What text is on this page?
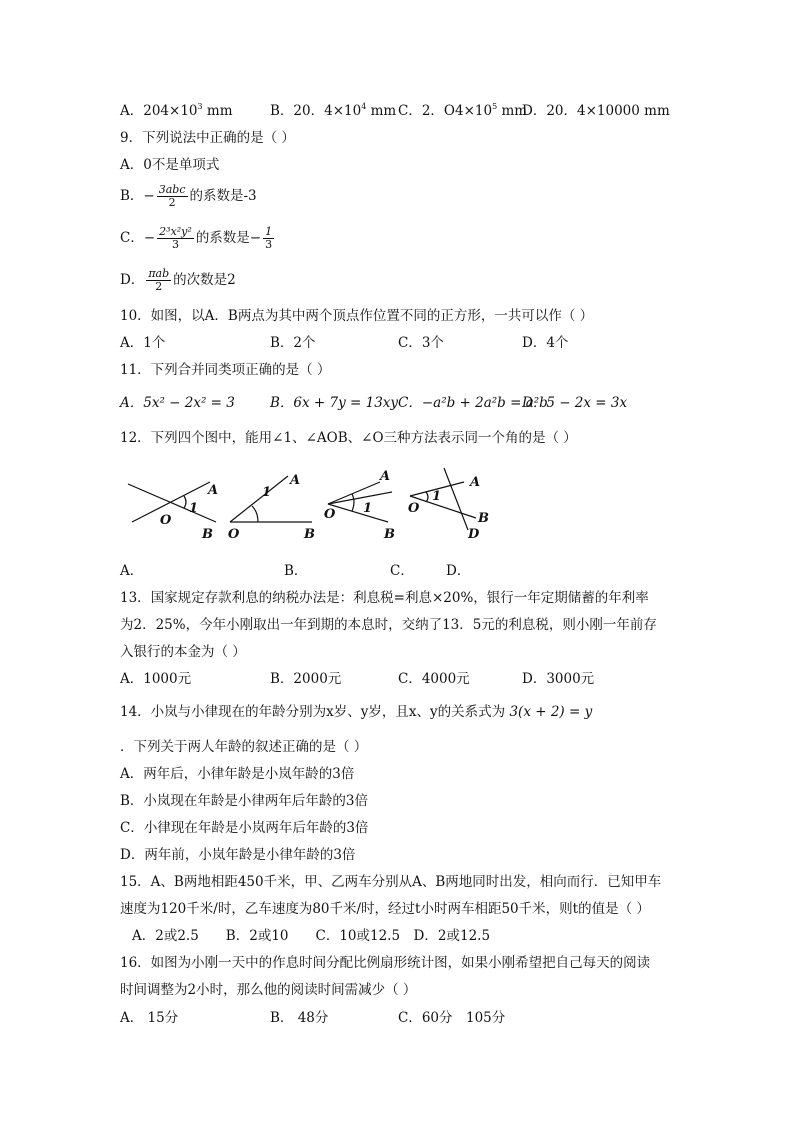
A．$204\times 10^3$ mm	B．20．$4\times 10^4$ mm C．2．$O4\times 10^5$ mm
D．20．4×10000 mm
9．下列说法中正确的是（ ）
A．0不是单项式
B．− $\frac{\text{3abc}}{2}$ 的系数是-3
C．− $\frac{\text{2³x²y²}}{3}$ 的系数是− $\frac{1}{3}$
D． $\frac{\text{πab}}{2}$ 的次数是2
10．如图，以A．B两点为其中两个顶点作位置不同的正方形，一共可以作（ ）
A．1个	B．2个	C．3个	D．4个
11．下列合并同类项正确的是（ ）
A．5x² − 2x² = 3	B．6x + 7y = 13xy C．−a²b + 2a²b = a²b
D．5 − 2x = 3x
12．下列四个图中，能用∠1、∠AOB、∠O三种方法表示同一个角的是（ ）
A
1
O
B
1
A
O	B
A
1
O
B
1
A
O
B
D
A．	B．	C． D．
13．国家规定存款利息的纳税办法是：利息税=利息×20%，银行一年定期储蓄的年利率
为2．25%，今年小刚取出一年到期的本息时，交纳了13．5元的利息税，则小刚一年前存
入银行的本金为（ ）
A．1000元	B．2000元	C．4000元	D．3000元
14．小岚与小律现在的年龄分别为x岁、y岁，且x、y的关系式为 3(x + 2) = y
．下列关于两人年龄的叙述正确的是（ ）
A．两年后，小律年龄是小岚年龄的3倍
B．小岚现在年龄是小律两年后年龄的3倍
C．小律现在年龄是小岚两年后年龄的3倍
D．两年前，小岚年龄是小律年龄的3倍
15．A、B两地相距450千米，甲、乙两车分别从A、B两地同时出发，相向而行．已知甲车
速度为120千米/时，乙车速度为80千米/时，经过t小时两车相距50千米，则t的值是（ ）
A．2或2.5　　B．2或10　　C．10或12.5　D．2或12.5
16．如图为小刚一天中的作息时间分配比例扇形统计图，如果小刚希望把自己每天的阅读
时间调整为2小时，那么他的阅读时间需减少（ ）
A． 15分	B． 48分	C．60分　105分
